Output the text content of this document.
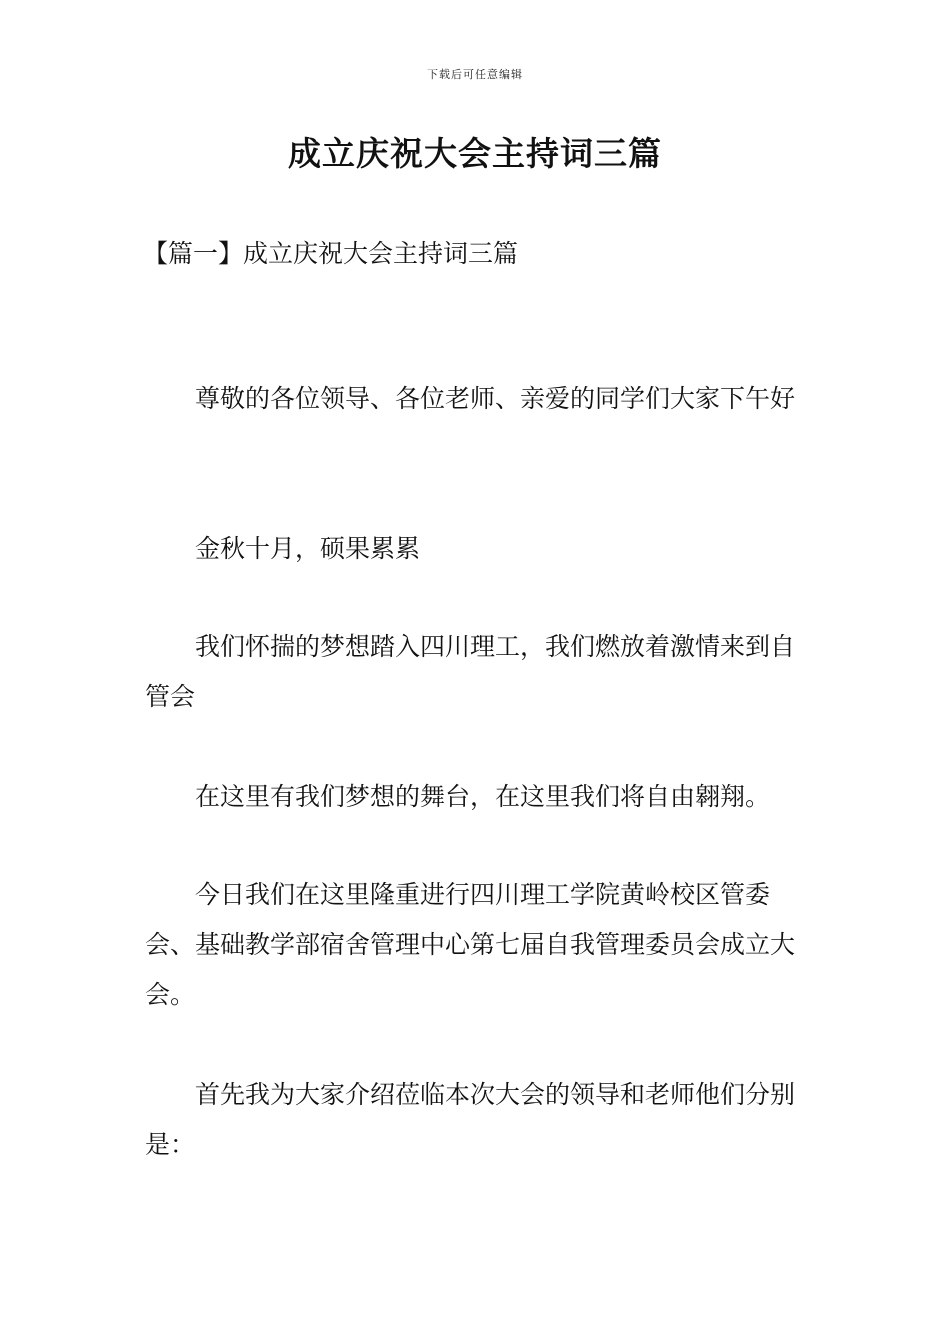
下载后可任意编辑
成立庆祝大会主持词三篇
【篇一】成立庆祝大会主持词三篇

尊敬的各位领导、各位老师、亲爱的同学们大家下午好

金秋十月，硕果累累

我们怀揣的梦想踏入四川理工，我们燃放着激情来到自管会

在这里有我们梦想的舞台，在这里我们将自由翱翔。

今日我们在这里隆重进行四川理工学院黄岭校区管委会、基础教学部宿舍管理中心第七届自我管理委员会成立大会。

首先我为大家介绍莅临本次大会的领导和老师他们分别是：
